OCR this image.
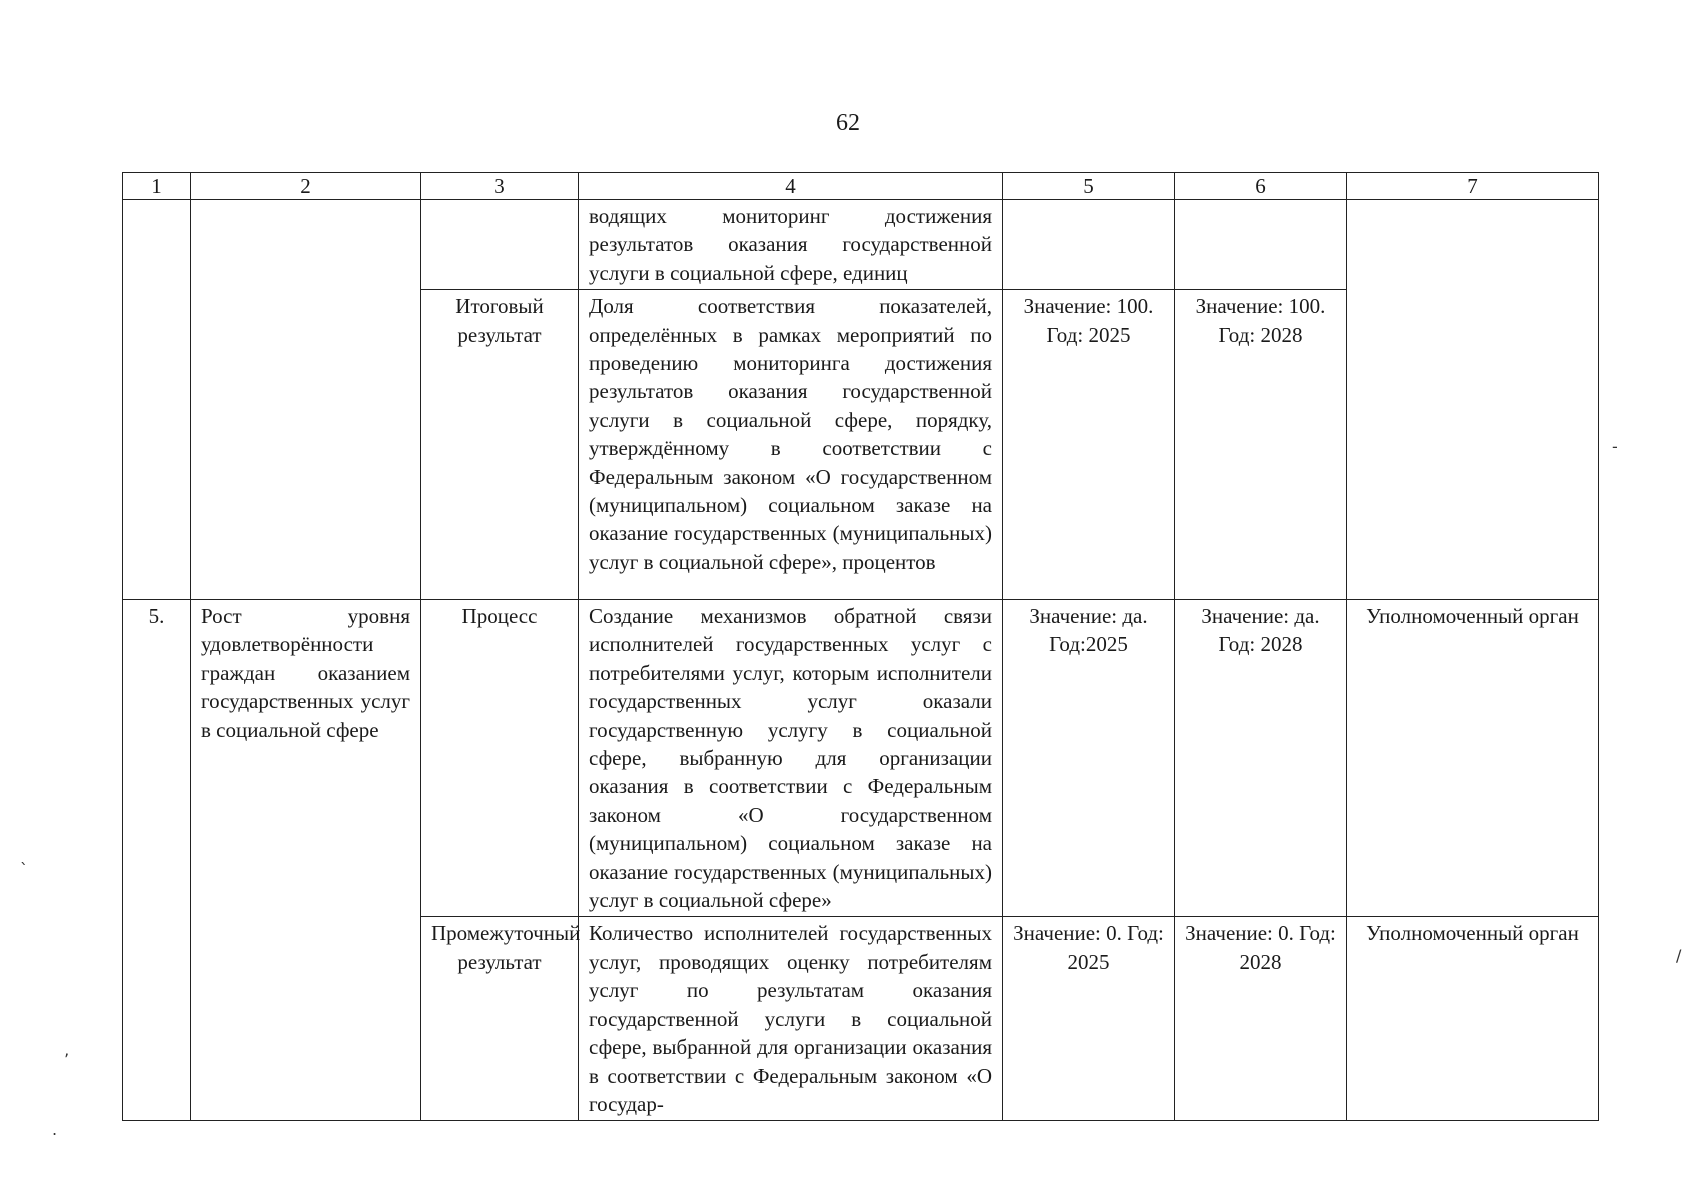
62
1	2	3	4	5	6	7
			водящих мониторинг достижения результатов оказания государственной услуги в социальной сфере, единиц			

		Итоговый результат	Доля соответствия показателей, определённых в рамках мероприятий по проведению мониторинга достижения результатов оказания государственной услуги в социальной сфере, порядку, утверждённому в соответствии с Федеральным законом «О государственном (муниципальном) социальном заказе на оказание государственных (муниципальных) услуг в социальной сфере», процентов	Значение: 100. Год: 2025	Значение: 100. Год: 2028	
5.	Рост уровня удовлетворённости граждан оказанием государственных услуг в социальной сфере	Процесс	Создание механизмов обратной связи исполнителей государственных услуг с потребителями услуг, которым исполнители государственных услуг оказали государственную услугу в социальной сфере, выбранную для организации оказания в соответствии с Федеральным законом «О государственном (муниципальном) социальном заказе на оказание государственных (муниципальных) услуг в социальной сфере»	Значение: да. Год:2025	Значение: да. Год: 2028	Уполномоченный орган
		Промежуточный результат	Количество исполнителей государственных услуг, проводящих оценку потребителям услуг по результатам оказания государственной услуги в социальной сфере, выбранной для организации оказания в соответствии с Федеральным законом «О государ-	Значение: 0. Год: 2025	Значение: 0. Год: 2028	Уполномоченный орган
`
-
/
’
.
